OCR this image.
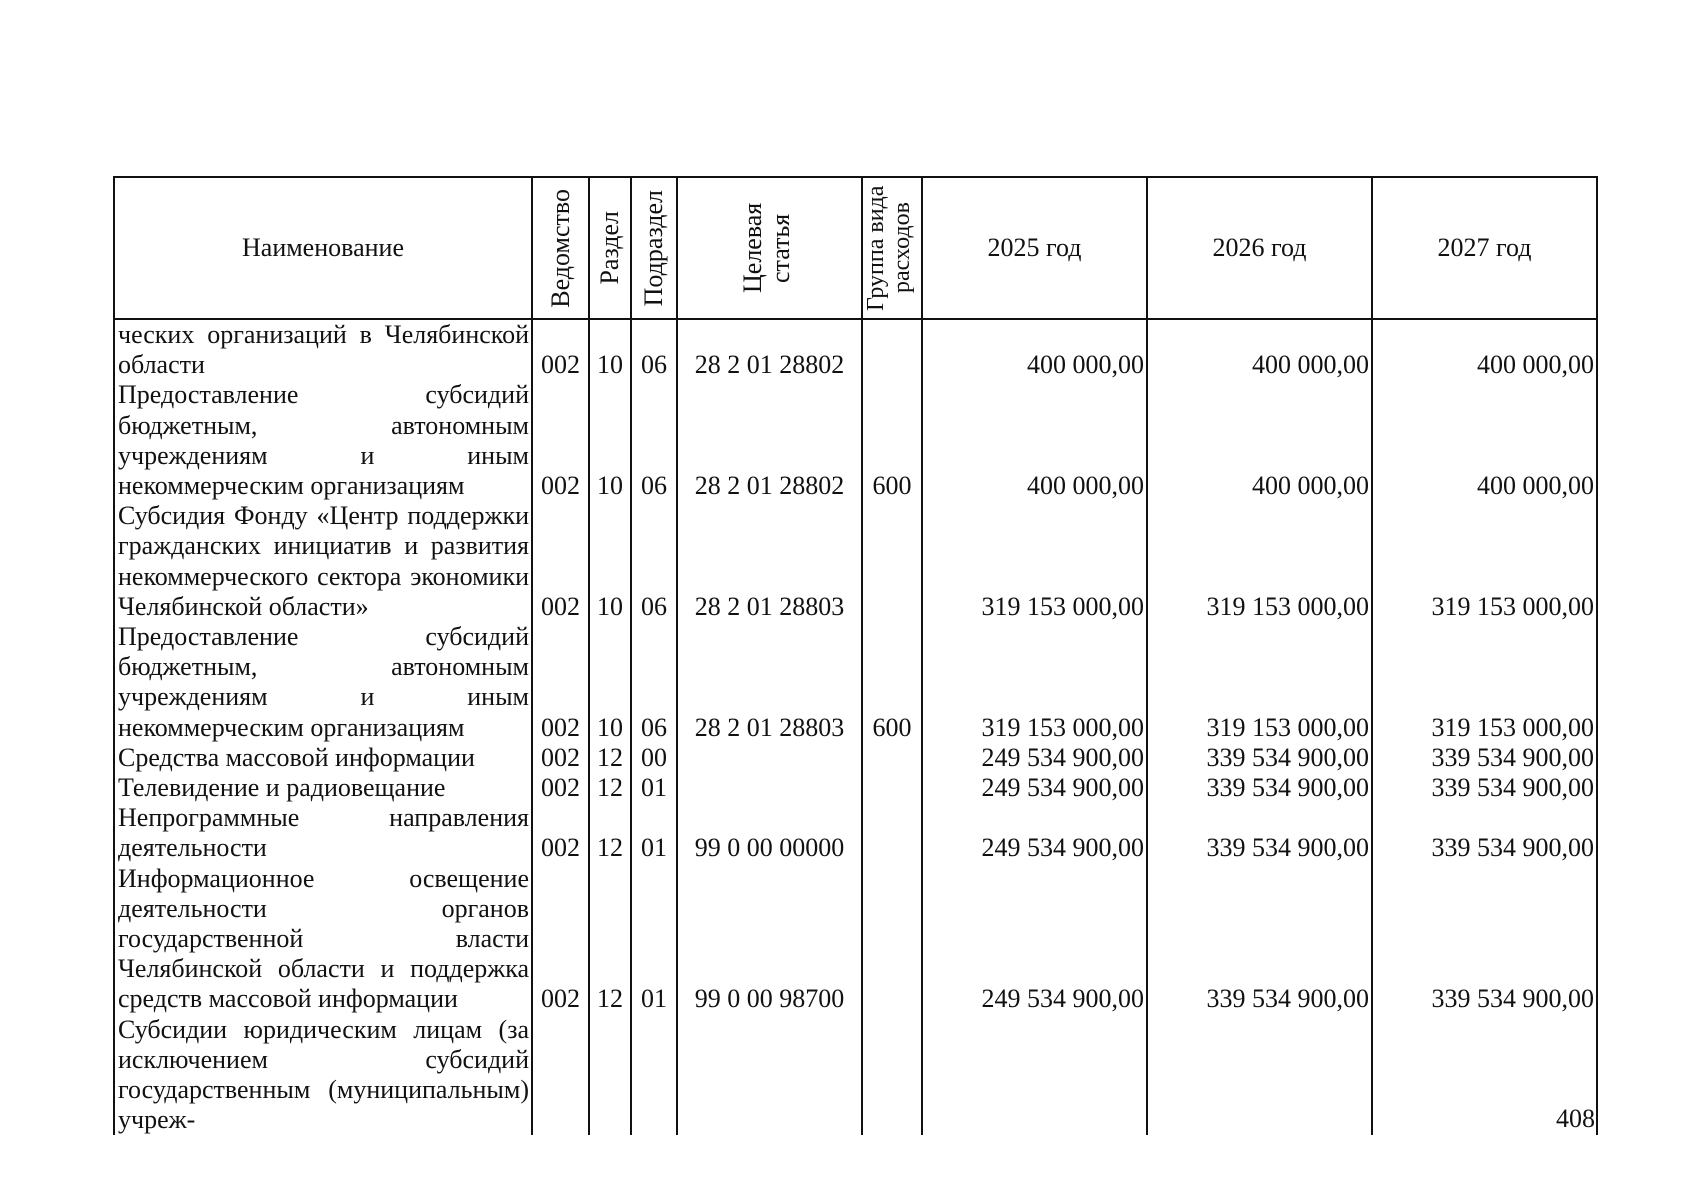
Наименование	Ведомство	Раздел	Подраздел	Целевая статья	Группа вида расходов	2025 год	2026 год	2027 год
ческих организаций в Челябинской области	002	10	06	28 2 01 28802		400 000,00	400 000,00	400 000,00
Предоставление субсидий бюджетным, автономным учреждениям и иным некоммерческим организациям	002	10	06	28 2 01 28802	600	400 000,00	400 000,00	400 000,00
Субсидия Фонду «Центр поддержки гражданских инициатив и развития некоммерческого сектора экономики Челябинской области»	002	10	06	28 2 01 28803		319 153 000,00	319 153 000,00	319 153 000,00
Предоставление субсидий бюджетным, автономным учреждениям и иным некоммерческим организациям	002	10	06	28 2 01 28803	600	319 153 000,00	319 153 000,00	319 153 000,00
Средства массовой информации	002	12	00			249 534 900,00	339 534 900,00	339 534 900,00
Телевидение и радиовещание	002	12	01			249 534 900,00	339 534 900,00	339 534 900,00
Непрограммные направления деятельности	002	12	01	99 0 00 00000		249 534 900,00	339 534 900,00	339 534 900,00
Информационное освещение деятельности органов государственной власти Челябинской области и поддержка средств массовой информации	002	12	01	99 0 00 98700		249 534 900,00	339 534 900,00	339 534 900,00
Субсидии юридическим лицам (за исключением субсидий государственным (муниципальным) учреж-									408
